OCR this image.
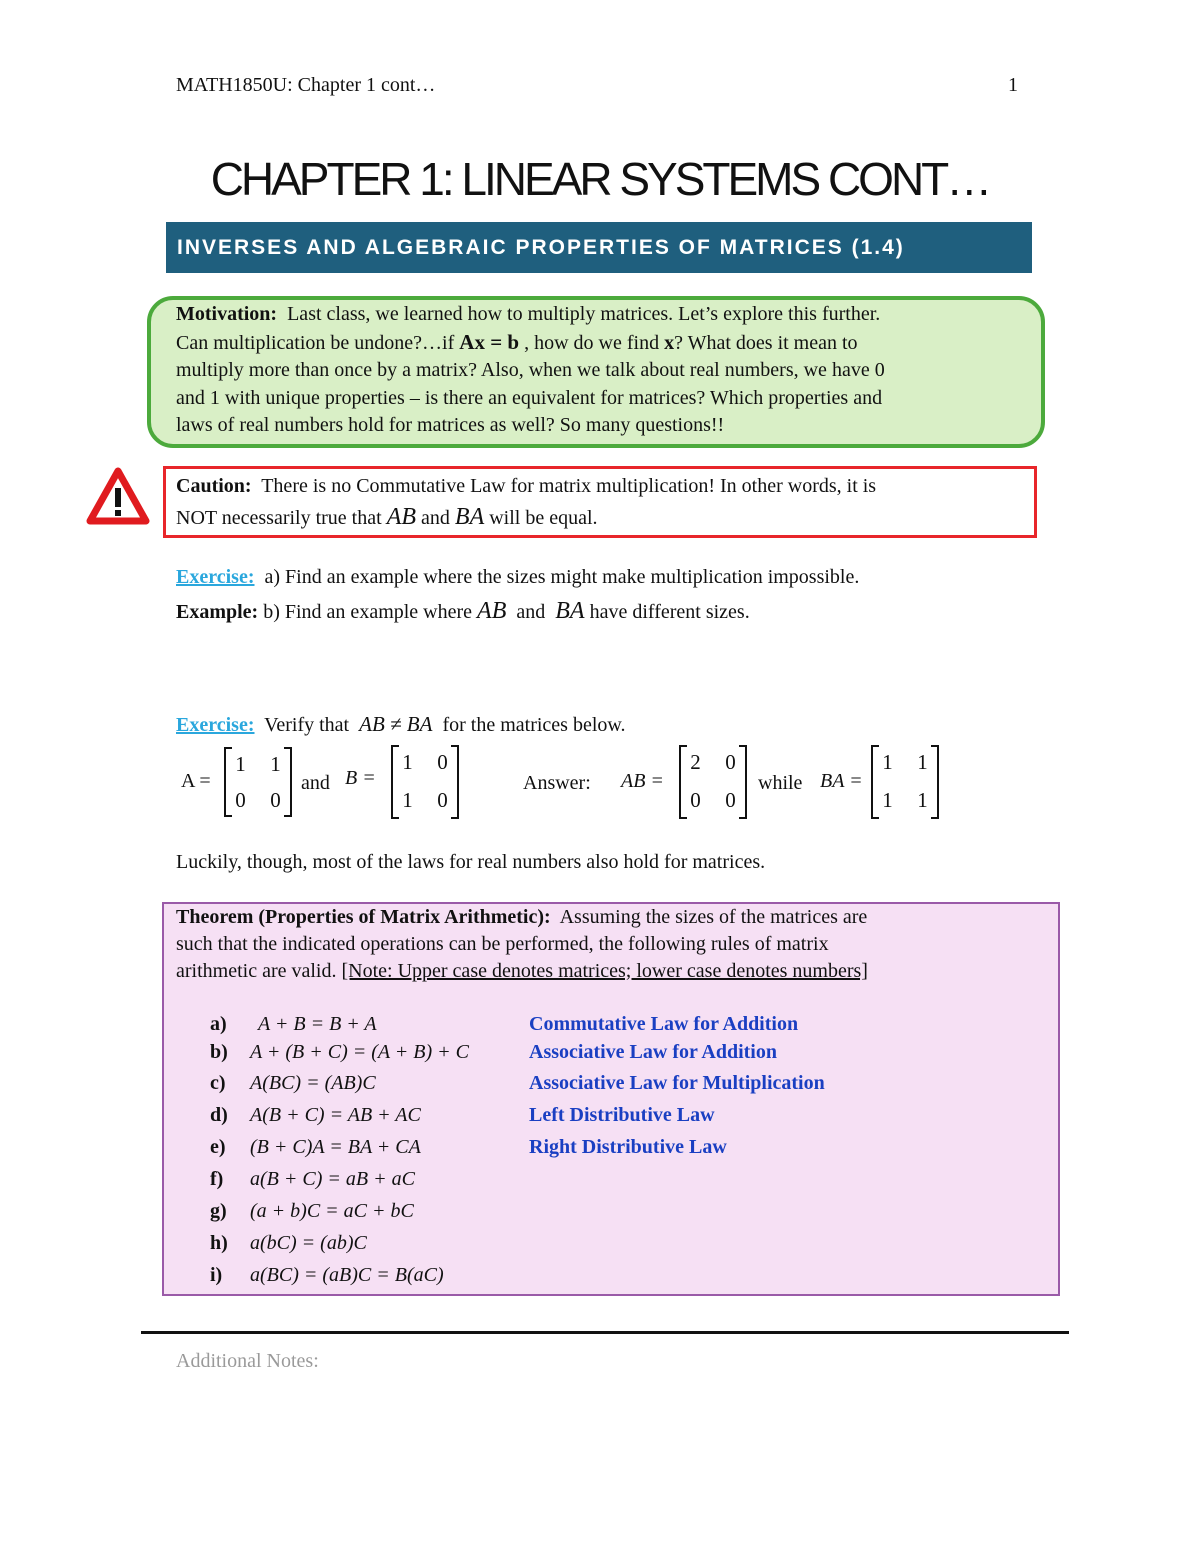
MATH1850U: Chapter 1 cont…	1
CHAPTER 1: LINEAR SYSTEMS CONT…
INVERSES AND ALGEBRAIC PROPERTIES OF MATRICES (1.4)
Motivation: Last class, we learned how to multiply matrices. Let’s explore this further.
Can multiplication be undone?…if Ax = b , how do we find x? What does it mean to
multiply more than once by a matrix? Also, when we talk about real numbers, we have 0
and 1 with unique properties – is there an equivalent for matrices? Which properties and
laws of real numbers hold for matrices as well? So many questions!!
Caution: There is no Commutative Law for matrix multiplication! In other words, it is
NOT necessarily true that AB and BA will be equal.
Exercise: a) Find an example where the sizes might make multiplication impossible.
Example: b) Find an example where AB and BA have different sizes.
Exercise: Verify that AB ≠ BA for the matrices below.
A =
1 1
0 0
and B =
1 0
1 0
Answer: AB =
2 0
0 0
while BA =
1 1
1 1
Luckily, though, most of the laws for real numbers also hold for matrices.
Theorem (Properties of Matrix Arithmetic): Assuming the sizes of the matrices are
such that the indicated operations can be performed, the following rules of matrix
arithmetic are valid. [Note: Upper case denotes matrices; lower case denotes numbers]
a) A + B = B + A	Commutative Law for Addition
b) A + (B + C) = (A + B) + C	Associative Law for Addition
c) A(BC) = (AB)C	Associative Law for Multiplication
d) A(B + C) = AB + AC	Left Distributive Law
e) (B + C)A = BA + CA	Right Distributive Law
f) a(B + C) = aB + aC
g) (a + b)C = aC + bC
h) a(bC) = (ab)C
i) a(BC) = (aB)C = B(aC)
Additional Notes:
